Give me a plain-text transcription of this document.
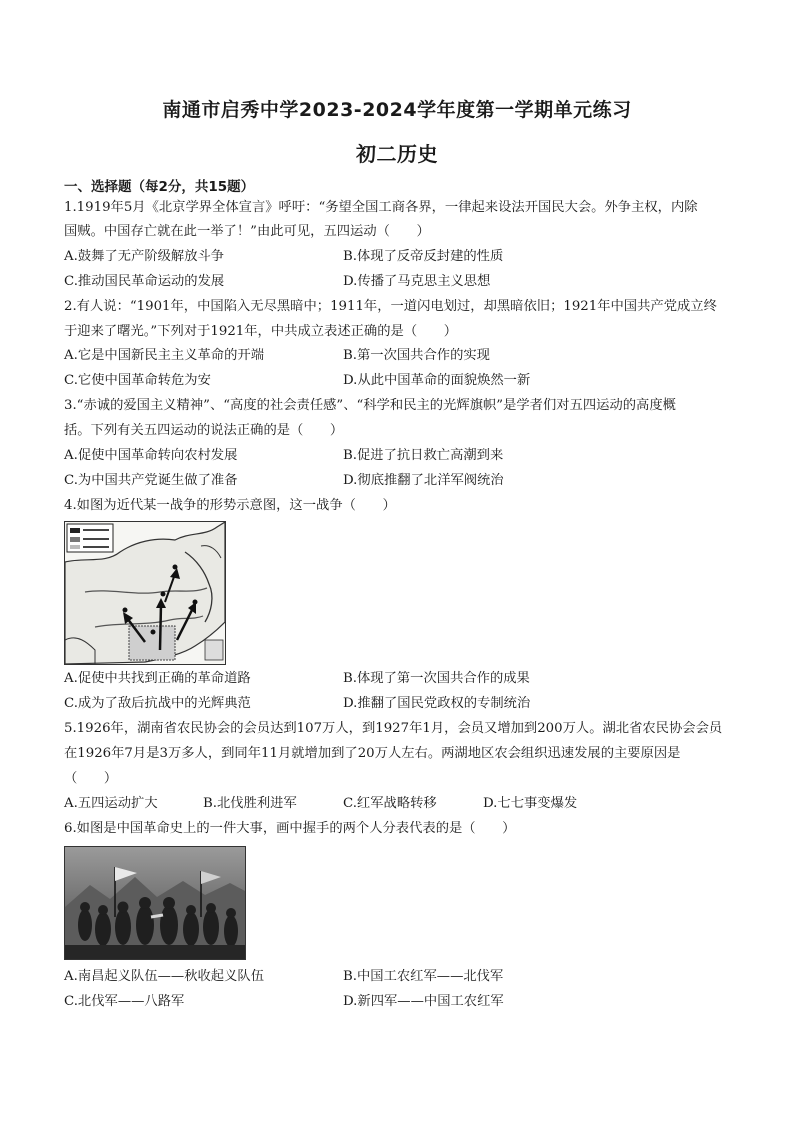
南通市启秀中学2023-2024学年度第一学期单元练习
初二历史
一、选择题（每2分，共15题）
1.1919年5月《北京学界全体宣言》呼吁：“务望全国工商各界，一律起来设法开国民大会。外争主权，内除
国贼。中国存亡就在此一举了！”由此可见，五四运动（　　）
A.鼓舞了无产阶级解放斗争	B.体现了反帝反封建的性质
C.推动国民革命运动的发展	D.传播了马克思主义思想
2.有人说：“1901年，中国陷入无尽黑暗中；1911年，一道闪电划过，却黑暗依旧；1921年中国共产党成立终
于迎来了曙光。”下列对于1921年，中共成立表述正确的是（　　）
A.它是中国新民主主义革命的开端	B.第一次国共合作的实现
C.它使中国革命转危为安	D.从此中国革命的面貌焕然一新
3.“赤诚的爱国主义精神”、“高度的社会责任感”、“科学和民主的光辉旗帜”是学者们对五四运动的高度概
括。下列有关五四运动的说法正确的是（　　）
A.促使中国革命转向农村发展	B.促进了抗日救亡高潮到来
C.为中国共产党诞生做了准备	D.彻底推翻了北洋军阀统治
4.如图为近代某一战争的形势示意图，这一战争（　　）
A.促使中共找到正确的革命道路	B.体现了第一次国共合作的成果
C.成为了敌后抗战中的光辉典范	D.推翻了国民党政权的专制统治
5.1926年，湖南省农民协会的会员达到107万人，到1927年1月，会员又增加到200万人。湖北省农民协会会员
在1926年7月是3万多人，到同年11月就增加到了20万人左右。两湖地区农会组织迅速发展的主要原因是
（　　）
A.五四运动扩大	B.北伐胜利进军	C.红军战略转移	D.七七事变爆发
6.如图是中国革命史上的一件大事，画中握手的两个人分表代表的是（　　）
A.南昌起义队伍——秋收起义队伍	B.中国工农红军——北伐军
C.北伐军——八路军	D.新四军——中国工农红军
